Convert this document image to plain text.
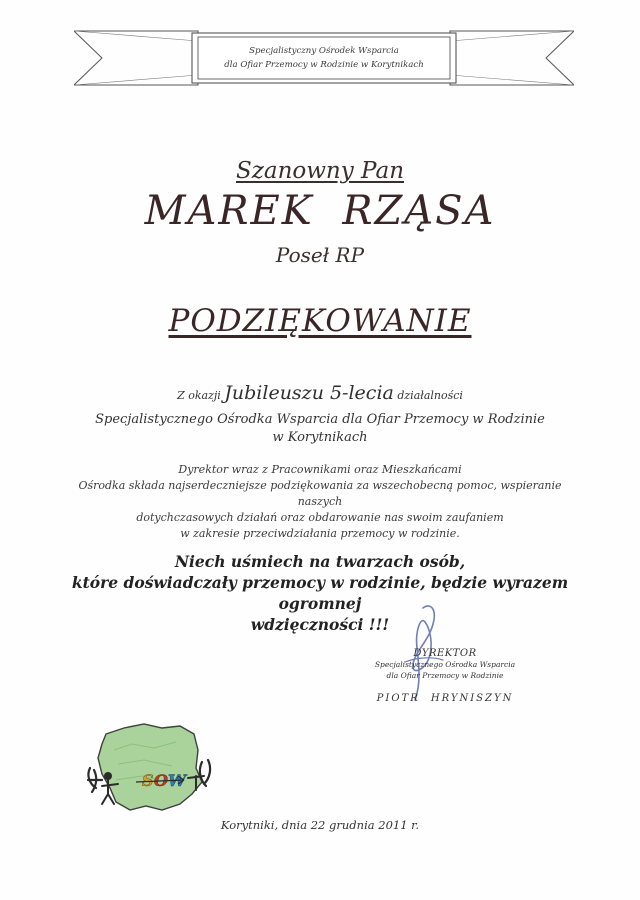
Specjalistyczny Ośrodek Wsparcia
dla Ofiar Przemocy w Rodzinie w Korytnikach
Szanowny Pan
MAREK RZĄSA
Poseł RP
PODZIĘKOWANIE
Z okazji Jubileuszu 5-lecia działalności
Specjalistycznego Ośrodka Wsparcia dla Ofiar Przemocy w Rodzinie
w Korytnikach
Dyrektor wraz z Pracownikami oraz Mieszkańcami
Ośrodka składa najserdeczniejsze podziękowania za wszechobecną pomoc, wspieranie naszych
dotychczasowych działań oraz obdarowanie nas swoim zaufaniem
w zakresie przeciwdziałania przemocy w rodzinie.
Niech uśmiech na twarzach osób,
które doświadczały przemocy w rodzinie, będzie wyrazem ogromnej
wdzięczności !!!
DYREKTOR
Specjalistycznego Ośrodka Wsparcia
dla Ofiar Przemocy w Rodzinie
PIOTR HRYNISZYN
S O W
Korytniki, dnia 22 grudnia 2011 r.
